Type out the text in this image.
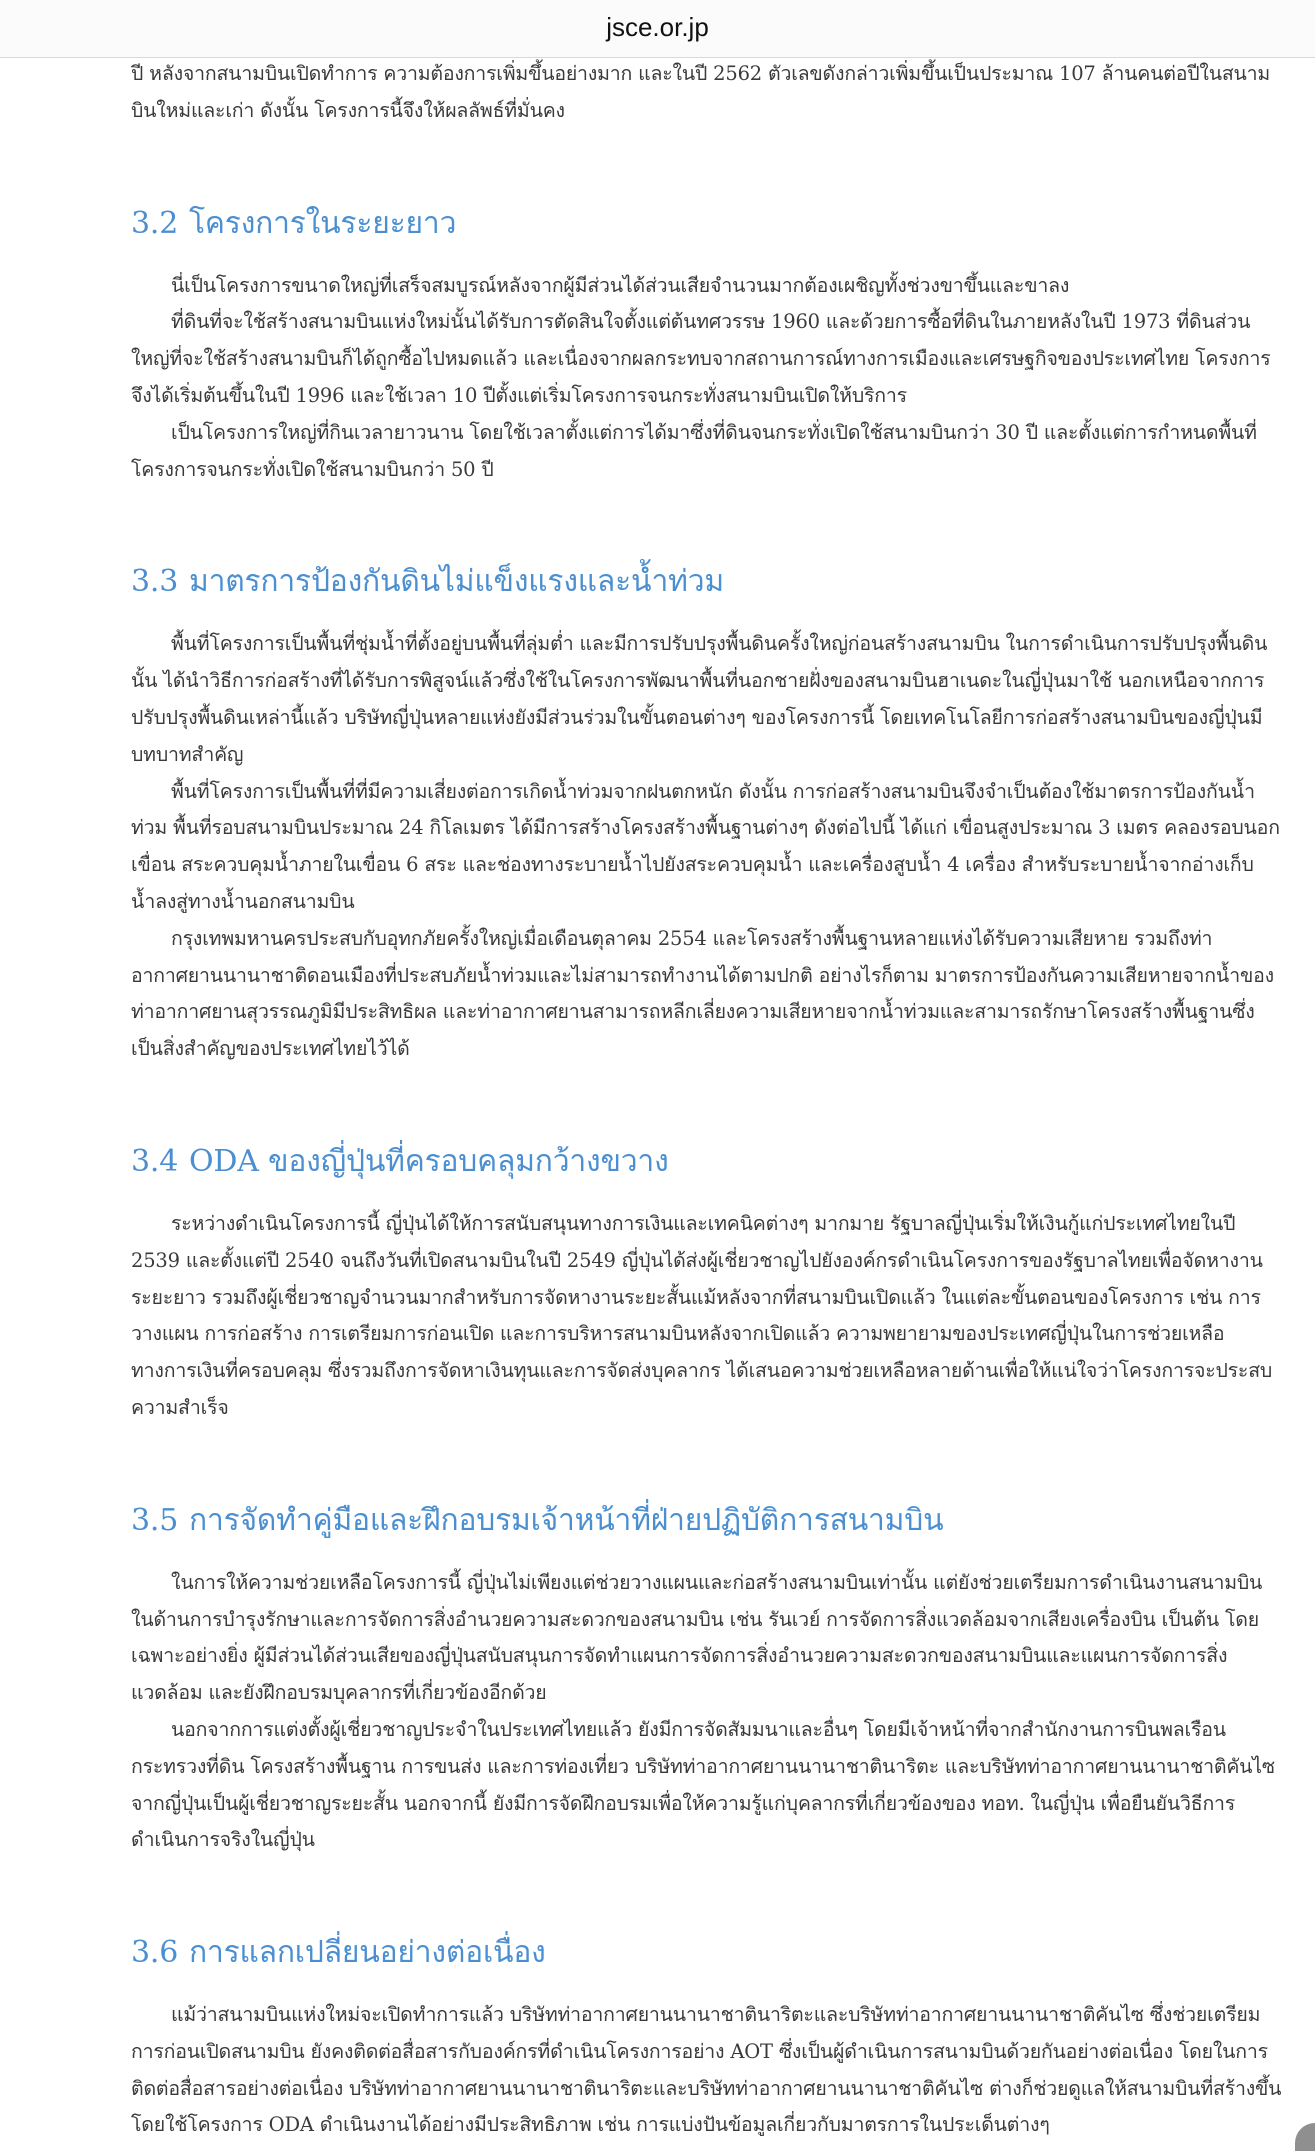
jsce.or.jp

ปี หลังจากสนามบินเปิดทำการ ความต้องการเพิ่มขึ้นอย่างมาก และในปี 2562 ตัวเลขดังกล่าวเพิ่มขึ้นเป็นประมาณ 107 ล้านคนต่อปีในสนามบินใหม่และเก่า ดังนั้น โครงการนี้จึงให้ผลลัพธ์ที่มั่นคง

3.2 โครงการในระยะยาว

นี่เป็นโครงการขนาดใหญ่ที่เสร็จสมบูรณ์หลังจากผู้มีส่วนได้ส่วนเสียจำนวนมากต้องเผชิญทั้งช่วงขาขึ้นและขาลง

ที่ดินที่จะใช้สร้างสนามบินแห่งใหม่นั้นได้รับการตัดสินใจตั้งแต่ต้นทศวรรษ 1960 และด้วยการซื้อที่ดินในภายหลังในปี 1973 ที่ดินส่วนใหญ่ที่จะใช้สร้างสนามบินก็ได้ถูกซื้อไปหมดแล้ว และเนื่องจากผลกระทบจากสถานการณ์ทางการเมืองและเศรษฐกิจของประเทศไทย โครงการจึงได้เริ่มต้นขึ้นในปี 1996 และใช้เวลา 10 ปีตั้งแต่เริ่มโครงการจนกระทั่งสนามบินเปิดให้บริการ

เป็นโครงการใหญ่ที่กินเวลายาวนาน โดยใช้เวลาตั้งแต่การได้มาซึ่งที่ดินจนกระทั่งเปิดใช้สนามบินกว่า 30 ปี และตั้งแต่การกำหนดพื้นที่โครงการจนกระทั่งเปิดใช้สนามบินกว่า 50 ปี

3.3 มาตรการป้องกันดินไม่แข็งแรงและน้ำท่วม

พื้นที่โครงการเป็นพื้นที่ชุ่มน้ำที่ตั้งอยู่บนพื้นที่ลุ่มต่ำ และมีการปรับปรุงพื้นดินครั้งใหญ่ก่อนสร้างสนามบิน ในการดำเนินการปรับปรุงพื้นดินนั้น ได้นำวิธีการก่อสร้างที่ได้รับการพิสูจน์แล้วซึ่งใช้ในโครงการพัฒนาพื้นที่นอกชายฝั่งของสนามบินฮาเนดะในญี่ปุ่นมาใช้ นอกเหนือจากการปรับปรุงพื้นดินเหล่านี้แล้ว บริษัทญี่ปุ่นหลายแห่งยังมีส่วนร่วมในขั้นตอนต่างๆ ของโครงการนี้ โดยเทคโนโลยีการก่อสร้างสนามบินของญี่ปุ่นมีบทบาทสำคัญ

พื้นที่โครงการเป็นพื้นที่ที่มีความเสี่ยงต่อการเกิดน้ำท่วมจากฝนตกหนัก ดังนั้น การก่อสร้างสนามบินจึงจำเป็นต้องใช้มาตรการป้องกันน้ำท่วม พื้นที่รอบสนามบินประมาณ 24 กิโลเมตร ได้มีการสร้างโครงสร้างพื้นฐานต่างๆ ดังต่อไปนี้ ได้แก่ เขื่อนสูงประมาณ 3 เมตร คลองรอบนอกเขื่อน สระควบคุมน้ำภายในเขื่อน 6 สระ และช่องทางระบายน้ำไปยังสระควบคุมน้ำ และเครื่องสูบน้ำ 4 เครื่อง สำหรับระบายน้ำจากอ่างเก็บน้ำลงสู่ทางน้ำนอกสนามบิน

กรุงเทพมหานครประสบกับอุทกภัยครั้งใหญ่เมื่อเดือนตุลาคม 2554 และโครงสร้างพื้นฐานหลายแห่งได้รับความเสียหาย รวมถึงท่าอากาศยานนานาชาติดอนเมืองที่ประสบภัยน้ำท่วมและไม่สามารถทำงานได้ตามปกติ อย่างไรก็ตาม มาตรการป้องกันความเสียหายจากน้ำของท่าอากาศยานสุวรรณภูมิมีประสิทธิผล และท่าอากาศยานสามารถหลีกเลี่ยงความเสียหายจากน้ำท่วมและสามารถรักษาโครงสร้างพื้นฐานซึ่งเป็นสิ่งสำคัญของประเทศไทยไว้ได้

3.4 ODA ของญี่ปุ่นที่ครอบคลุมกว้างขวาง

ระหว่างดำเนินโครงการนี้ ญี่ปุ่นได้ให้การสนับสนุนทางการเงินและเทคนิคต่างๆ มากมาย รัฐบาลญี่ปุ่นเริ่มให้เงินกู้แก่ประเทศไทยในปี 2539 และตั้งแต่ปี 2540 จนถึงวันที่เปิดสนามบินในปี 2549 ญี่ปุ่นได้ส่งผู้เชี่ยวชาญไปยังองค์กรดำเนินโครงการของรัฐบาลไทยเพื่อจัดหางานระยะยาว รวมถึงผู้เชี่ยวชาญจำนวนมากสำหรับการจัดหางานระยะสั้นแม้หลังจากที่สนามบินเปิดแล้ว ในแต่ละขั้นตอนของโครงการ เช่น การวางแผน การก่อสร้าง การเตรียมการก่อนเปิด และการบริหารสนามบินหลังจากเปิดแล้ว ความพยายามของประเทศญี่ปุ่นในการช่วยเหลือทางการเงินที่ครอบคลุม ซึ่งรวมถึงการจัดหาเงินทุนและการจัดส่งบุคลากร ได้เสนอความช่วยเหลือหลายด้านเพื่อให้แน่ใจว่าโครงการจะประสบความสำเร็จ

3.5 การจัดทำคู่มือและฝึกอบรมเจ้าหน้าที่ฝ่ายปฏิบัติการสนามบิน

ในการให้ความช่วยเหลือโครงการนี้ ญี่ปุ่นไม่เพียงแต่ช่วยวางแผนและก่อสร้างสนามบินเท่านั้น แต่ยังช่วยเตรียมการดำเนินงานสนามบินในด้านการบำรุงรักษาและการจัดการสิ่งอำนวยความสะดวกของสนามบิน เช่น รันเวย์ การจัดการสิ่งแวดล้อมจากเสียงเครื่องบิน เป็นต้น โดยเฉพาะอย่างยิ่ง ผู้มีส่วนได้ส่วนเสียของญี่ปุ่นสนับสนุนการจัดทำแผนการจัดการสิ่งอำนวยความสะดวกของสนามบินและแผนการจัดการสิ่งแวดล้อม และยังฝึกอบรมบุคลากรที่เกี่ยวข้องอีกด้วย

นอกจากการแต่งตั้งผู้เชี่ยวชาญประจำในประเทศไทยแล้ว ยังมีการจัดสัมมนาและอื่นๆ โดยมีเจ้าหน้าที่จากสำนักงานการบินพลเรือน กระทรวงที่ดิน โครงสร้างพื้นฐาน การขนส่ง และการท่องเที่ยว บริษัทท่าอากาศยานนานาชาตินาริตะ และบริษัทท่าอากาศยานนานาชาติคันไซจากญี่ปุ่นเป็นผู้เชี่ยวชาญระยะสั้น นอกจากนี้ ยังมีการจัดฝึกอบรมเพื่อให้ความรู้แก่บุคลากรที่เกี่ยวข้องของ ทอท. ในญี่ปุ่น เพื่อยืนยันวิธีการดำเนินการจริงในญี่ปุ่น

3.6 การแลกเปลี่ยนอย่างต่อเนื่อง

แม้ว่าสนามบินแห่งใหม่จะเปิดทำการแล้ว บริษัทท่าอากาศยานนานาชาตินาริตะและบริษัทท่าอากาศยานนานาชาติคันไซ ซึ่งช่วยเตรียมการก่อนเปิดสนามบิน ยังคงติดต่อสื่อสารกับองค์กรที่ดำเนินโครงการอย่าง AOT ซึ่งเป็นผู้ดำเนินการสนามบินด้วยกันอย่างต่อเนื่อง โดยในการติดต่อสื่อสารอย่างต่อเนื่อง บริษัทท่าอากาศยานนานาชาตินาริตะและบริษัทท่าอากาศยานนานาชาติคันไซ ต่างก็ช่วยดูแลให้สนามบินที่สร้างขึ้นโดยใช้โครงการ ODA ดำเนินงานได้อย่างมีประสิทธิภาพ เช่น การแบ่งปันข้อมูลเกี่ยวกับมาตรการในประเด็นต่างๆ
